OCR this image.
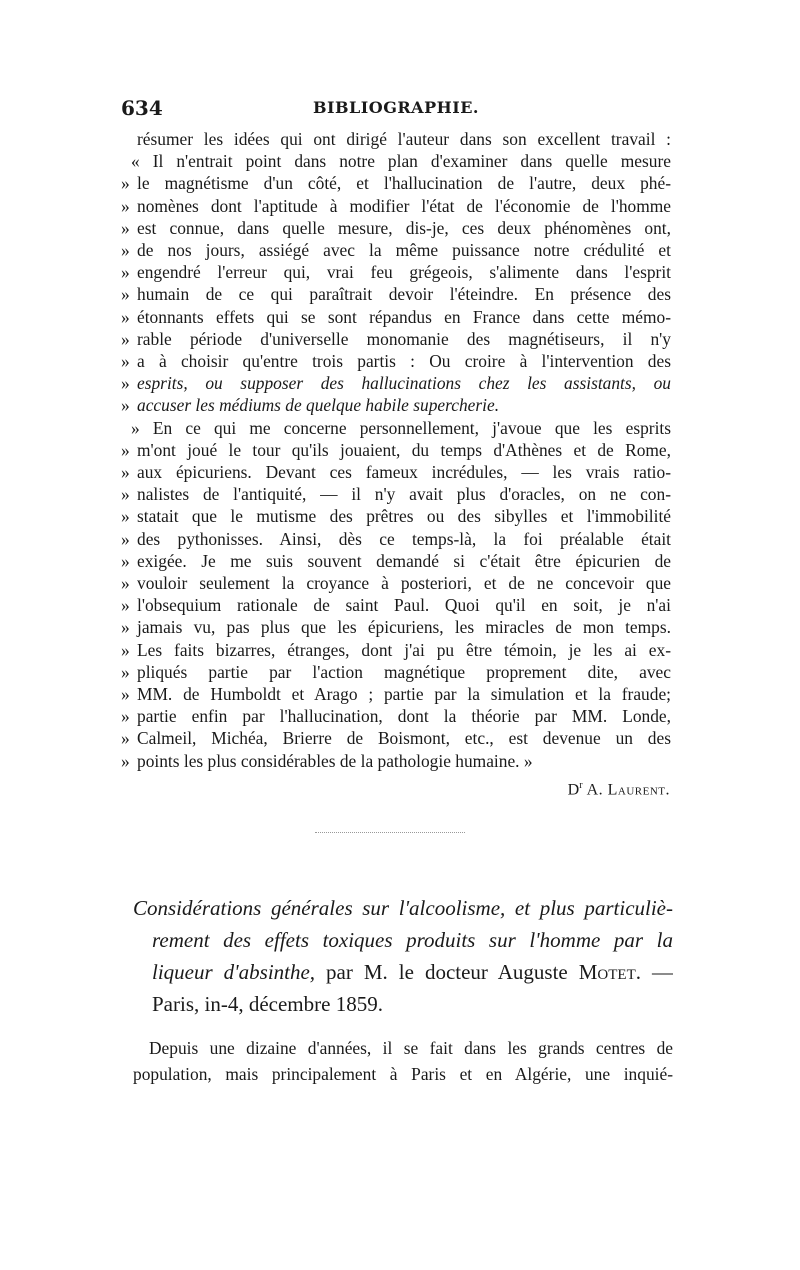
634	BIBLIOGRAPHIE.
résumer les idées qui ont dirigé l'auteur dans son excellent travail :
« Il n'entrait point dans notre plan d'examiner dans quelle mesure
» le magnétisme d'un côté, et l'hallucination de l'autre, deux phé-
» nomènes dont l'aptitude à modifier l'état de l'économie de l'homme
» est connue, dans quelle mesure, dis-je, ces deux phénomènes ont,
» de nos jours, assiégé avec la même puissance notre crédulité et
» engendré l'erreur qui, vrai feu grégeois, s'alimente dans l'esprit
» humain de ce qui paraîtrait devoir l'éteindre. En présence des
» étonnants effets qui se sont répandus en France dans cette mémo-
» rable période d'universelle monomanie des magnétiseurs, il n'y
» a à choisir qu'entre trois partis : Ou croire à l'intervention des
» esprits, ou supposer des hallucinations chez les assistants, ou
» accuser les médiums de quelque habile supercherie.
» En ce qui me concerne personnellement, j'avoue que les esprits
» m'ont joué le tour qu'ils jouaient, du temps d'Athènes et de Rome,
» aux épicuriens. Devant ces fameux incrédules, — les vrais ratio-
» nalistes de l'antiquité, — il n'y avait plus d'oracles, on ne con-
» statait que le mutisme des prêtres ou des sibylles et l'immobilité
» des pythonisses. Ainsi, dès ce temps-là, la foi préalable était
» exigée. Je me suis souvent demandé si c'était être épicurien de
» vouloir seulement la croyance à posteriori, et de ne concevoir que
» l'obsequium rationale de saint Paul. Quoi qu'il en soit, je n'ai
» jamais vu, pas plus que les épicuriens, les miracles de mon temps.
» Les faits bizarres, étranges, dont j'ai pu être témoin, je les ai ex-
» pliqués partie par l'action magnétique proprement dite, avec
» MM. de Humboldt et Arago ; partie par la simulation et la fraude;
» partie enfin par l'hallucination, dont la théorie par MM. Londe,
» Calmeil, Michéa, Brierre de Boismont, etc., est devenue un des
» points les plus considérables de la pathologie humaine. »
$D^r$ A. Laurent.
Considérations générales sur l'alcoolisme, et plus particuliè-
rement des effets toxiques produits sur l'homme par la
liqueur d'absinthe, par M. le docteur Auguste Motet. —
Paris, in-4, décembre 1859.
Depuis une dizaine d'années, il se fait dans les grands centres de
population, mais principalement à Paris et en Algérie, une inquié-
